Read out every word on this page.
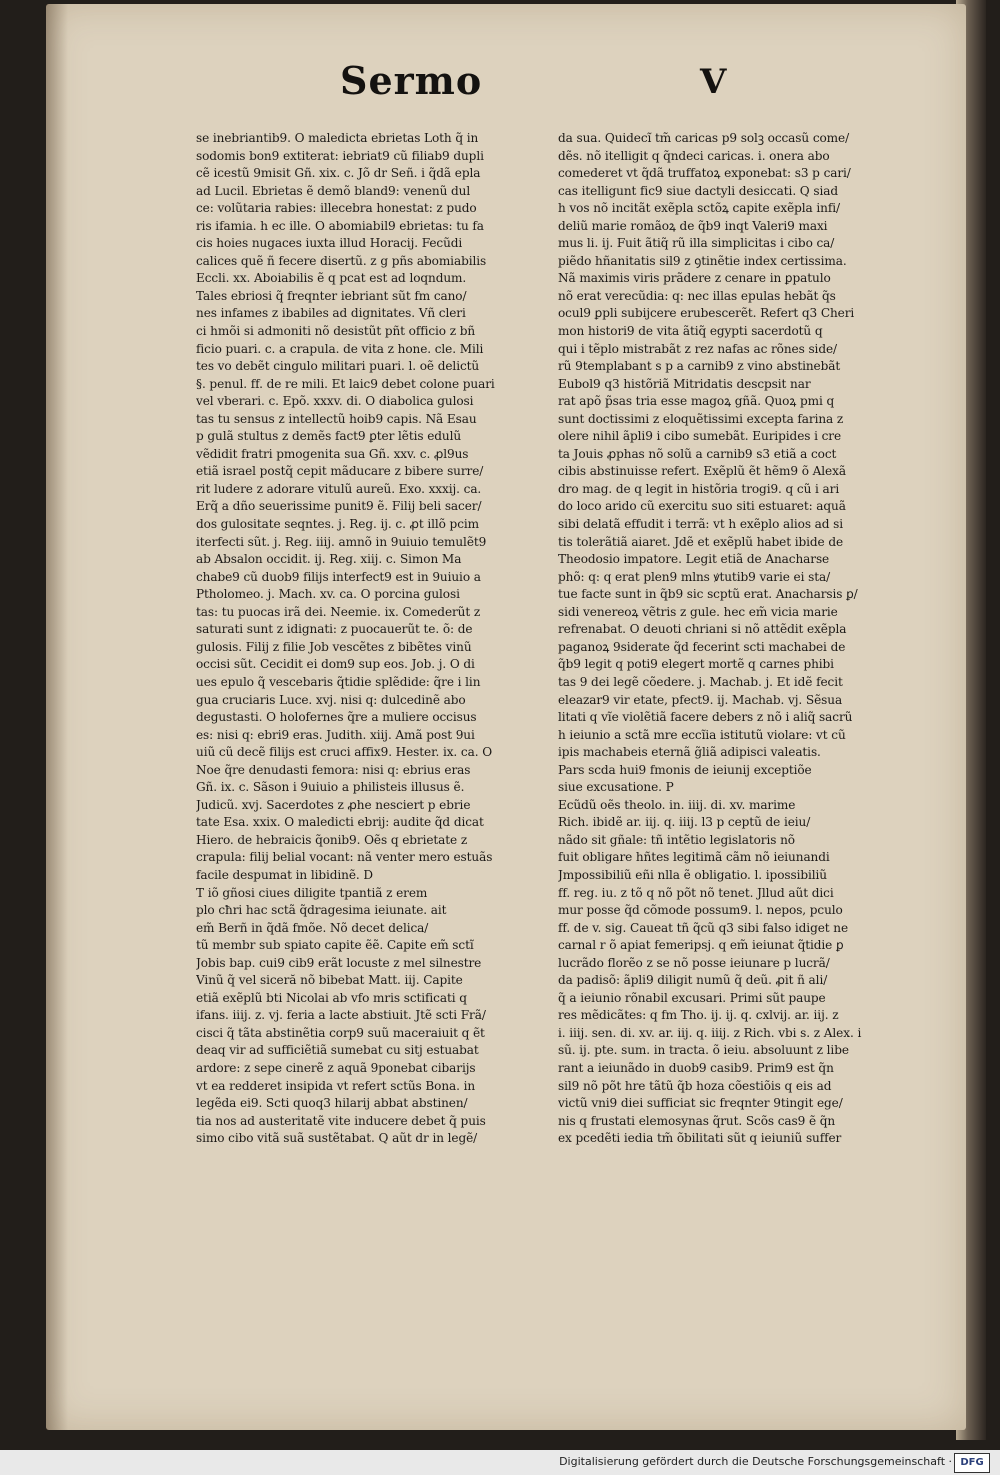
Sermo	V
se inebriantib9. O maledicta ebrietas Loth q̃ in
sodomis bon9 extiterat: iebriat9 cũ filiab9 dupli
cẽ icestũ 9misit Gñ. xix. c. Jõ dr Señ. i q̃dã epla
ad Lucil. Ebrietas ẽ demõ bland9: venenũ dul
ce: volũtaria rabies: illecebra honestat: z pudo
ris ifamia. h ec ille. O abomiabil9 ebrietas: tu fa
cis hoies nugaces iuxta illud Horacij. Fecũdi
calices quẽ ñ fecere disertũ. z g pñs abomiabilis
Eccli. xx. Aboiabilis ẽ q pcat est ad loqndum.
Tales ebriosi q̃ freqnter iebriant sũt fm cano/
nes infames z ibabiles ad dignitates. Vñ cleri
ci hmõi si admoniti nõ desistũt pñt officio z bñ
ficio puari. c. a crapula. de vita z hone. cle. Mili
tes vo debẽt cingulo militari puari. l. oẽ delictũ
§. penul. ff. de re mili. Et laic9 debet colone puari
vel vberari. c. Epõ. xxxv. di. O diabolica gulosi
tas tu sensus z intellectũ hoib9 capis. Nã Esau
p gulã stultus z demẽs fact9 ꝑter lẽtis edulũ
vẽdidit fratri pmogenita sua Gñ. xxv. c. ꝓl9us
etiã israel postq̃ cepit mãducare z bibere surre/
rit ludere z adorare vitulũ aureũ. Exo. xxxij. ca.
Erq̃ a dño seuerissime punit9 ẽ. Filij beli sacer/
dos gulositate seqntes. j. Reg. ij. c. ꝓt illõ pcim
iterfecti sũt. j. Reg. iiij. amnõ in 9uiuio temulẽt9
ab Absalon occidit. ij. Reg. xiij. c. Simon Ma
chabe9 cũ duob9 filijs interfect9 est in 9uiuio a
Ptholomeo. j. Mach. xv. ca. O porcina gulosi
tas: tu puocas irã dei. Neemie. ix. Comederũt z
saturati sunt z idignati: z puocauerũt te. õ: de
gulosis. Filij z filie Job vescẽtes z bibẽtes vinũ
occisi sũt. Cecidit ei dom9 sup eos. Job. j. O di
ues epulo q̃ vescebaris q̃tidie splẽdide: q̃re i lin
gua cruciaris Luce. xvj. nisi q: dulcedinẽ abo
degustasti. O holofernes q̃re a muliere occisus
es: nisi q: ebri9 eras. Judith. xiij. Amã post 9ui
uiũ cũ decẽ filijs est cruci affix9. Hester. ix. ca. O
Noe q̃re denudasti femora: nisi q: ebrius eras
Gñ. ix. c. Sãson i 9uiuio a philisteis illusus ẽ.
Judicũ. xvj. Sacerdotes z ꝓhe nesciert p ebrie
tate Esa. xxix. O maledicti ebrij: audite q̃d dicat
Hiero. de hebraicis q̃onib9. Oẽs q ebrietate z
crapula: filij belial vocant: nã venter mero estuãs
facile despumat in libidinẽ. D
T iõ gñosi ciues diligite tpantiã z erem
plo cħri hac sctã q̃dragesima ieiunate. ait
em̃ Berñ in q̃dã fmõe. Nõ decet delica/
tũ membr sub spiato capite ẽẽ. Capite em̃ sctĩ
Jobis bap. cui9 cib9 erãt locuste z mel silnestre
Vinũ q̃ vel siceră nõ bibebat Matt. iij. Capite
etiã exẽplũ bti Nicolai ab vfo mris sctificati q
ifans. iiij. z. vj. feria a lacte abstiuit. Jtẽ scti Frã/
cisci q̃ tãta abstinẽtia corp9 suũ maceraiuit q ẽt
deaq vir ad sufficiẽtiã sumebat cu sitj estuabat
ardore: z sepe cinerẽ z aquã 9ponebat cibarijs
vt ea redderet insipida vt refert sctũs Bona. in
legẽda ei9. Scti quoq3 hilarij abbat abstinen/
tia nos ad austeritatẽ vite inducere debet q̃ puis
simo cibo vitã suã sustẽtabat. Q aũt dr in legẽ/
da sua. Quidecĩ tm̃ caricas p9 solꝫ occasũ come/
dẽs. nõ itelligit q q̃ndeci caricas. i. onera abo
comederet vt q̃dã truffatoꝝ exponebat: s3 p cari/
cas itelligunt fic9 siue dactyli desiccati. Q siad
h vos nõ incitãt exẽpla sctõꝝ capite exẽpla infi/
deliũ marie romãoꝝ de q̃b9 inqt Valeri9 maxi
mus li. ij. Fuit ãtiq̃ rũ illa simplicitas i cibo ca/
piẽdo hñanitatis sil9 z ꝯtinẽtie index certissima.
Nã maximis viris prãdere z cenare in ꝑpatulo
nõ erat verecũdia: q: nec illas epulas hebãt q̃s
ocul9 ꝑpli subijcere erubescerẽt. Refert q3 Cheri
mon histori9 de vita ãtiq̃ egypti sacerdotũ q
qui i tẽplo mistrabãt z rez nafas ac rõnes side/
rũ 9templabant s p a carnib9 z vino abstinebãt
Eubol9 q3 histõriã Mitridatis descpsit nar
rat apõ p̃sas tria esse magoꝝ gñã. Quoꝝ pmi q
sunt doctissimi z eloquẽtissimi excepta farina z
olere nihil ãpli9 i cibo sumebãt. Euripides i cre
ta Jouis ꝓphas nõ solũ a carnib9 s3 etiã a coct
cibis abstinuisse refert. Exẽplũ ẽt hẽm9 õ Alexã
dro mag. de q legit in histõria trogi9. q cũ i ari
do loco arido cũ exercitu suo siti estuaret: aquã
sibi delatã effudit i terrã: vt h exẽplo alios ad si
tis tolerãtiã aiaret. Jdẽ et exẽplũ habet ibide de
Theodosio impatore. Legit etiã de Anacharse
phõ: q: q erat plen9 mlns ꝟtutib9 varie ei sta/
tue facte sunt in q̃b9 sic scptũ erat. Anacharsis ꝑ/
sidi venereoꝝ vẽtris z gule. hec em̃ vicia marie
refrenabat. O deuoti chriani si nõ attẽdit exẽpla
paganoꝝ 9siderate q̃d fecerint scti machabei de
q̃b9 legit q poti9 elegert mortẽ q carnes phibi
tas 9 dei legẽ cõedere. j. Machab. j. Et idẽ fecit
eleazar9 vir etate, pfect9. ij. Machab. vj. Sẽsua
litati q vĩe violẽtiã facere debers z nõ i aliq̃ sacrũ
h ieiunio a sctã mre eccĩia istitutũ violare: vt cũ
ipis machabeis eternã g̃liã adipisci valeatis.
Pars scda hui9 fmonis de ieiunij exceptiõe
siue excusatione. P
Ecũdũ oẽs theolo. in. iiij. di. xv. marime
Rich. ibidẽ ar. iij. q. iiij. l3 p ceptũ de ieiu/
nãdo sit gñale: tñ intẽtio legislatoris nõ
fuit obligare hñtes legitimã cãm nõ ieiunandi
Jmpossibiliũ eñi nlla ẽ obligatio. l. ipossibiliũ
ff. reg. iu. z tõ q nõ põt nõ tenet. Jllud aũt dici
mur posse q̃d cõmode possum9. l. nepos, pculo
ff. de v. sig. Caueat tñ q̃cũ q3 sibi falso idiget ne
carnal r õ apiat femeripsj. q em̃ ieiunat q̃tidie ꝑ
lucrãdo florẽo z se nõ posse ieiunare p lucrã/
da padisõ: ãpli9 diligit numũ q̃ deũ. ꝓit ñ ali/
q̃ a ieiunio rõnabil excusari. Primi sũt paupe
res mẽdicãtes: q fm Tho. ij. ij. q. cxlvij. ar. iij. z
i. iiij. sen. di. xv. ar. iij. q. iiij. z Rich. vbi s. z Alex. i
sũ. ij. pte. sum. in tracta. õ ieiu. absoluunt z libe
rant a ieiunãdo in duob9 casib9. Prim9 est q̃n
sil9 nõ põt hre tãtũ q̃b hoza cõestiõis q eis ad
victũ vni9 diei sufficiat sic freqnter 9tingit ege/
nis q frustati elemosynas q̃rut. Scõs cas9 ẽ q̃n
ex pcedẽti iedia tm̃ õbilitati sũt q ieiuniũ suffer
Digitalisierung gefördert durch die Deutsche Forschungsgemeinschaft · DFG
